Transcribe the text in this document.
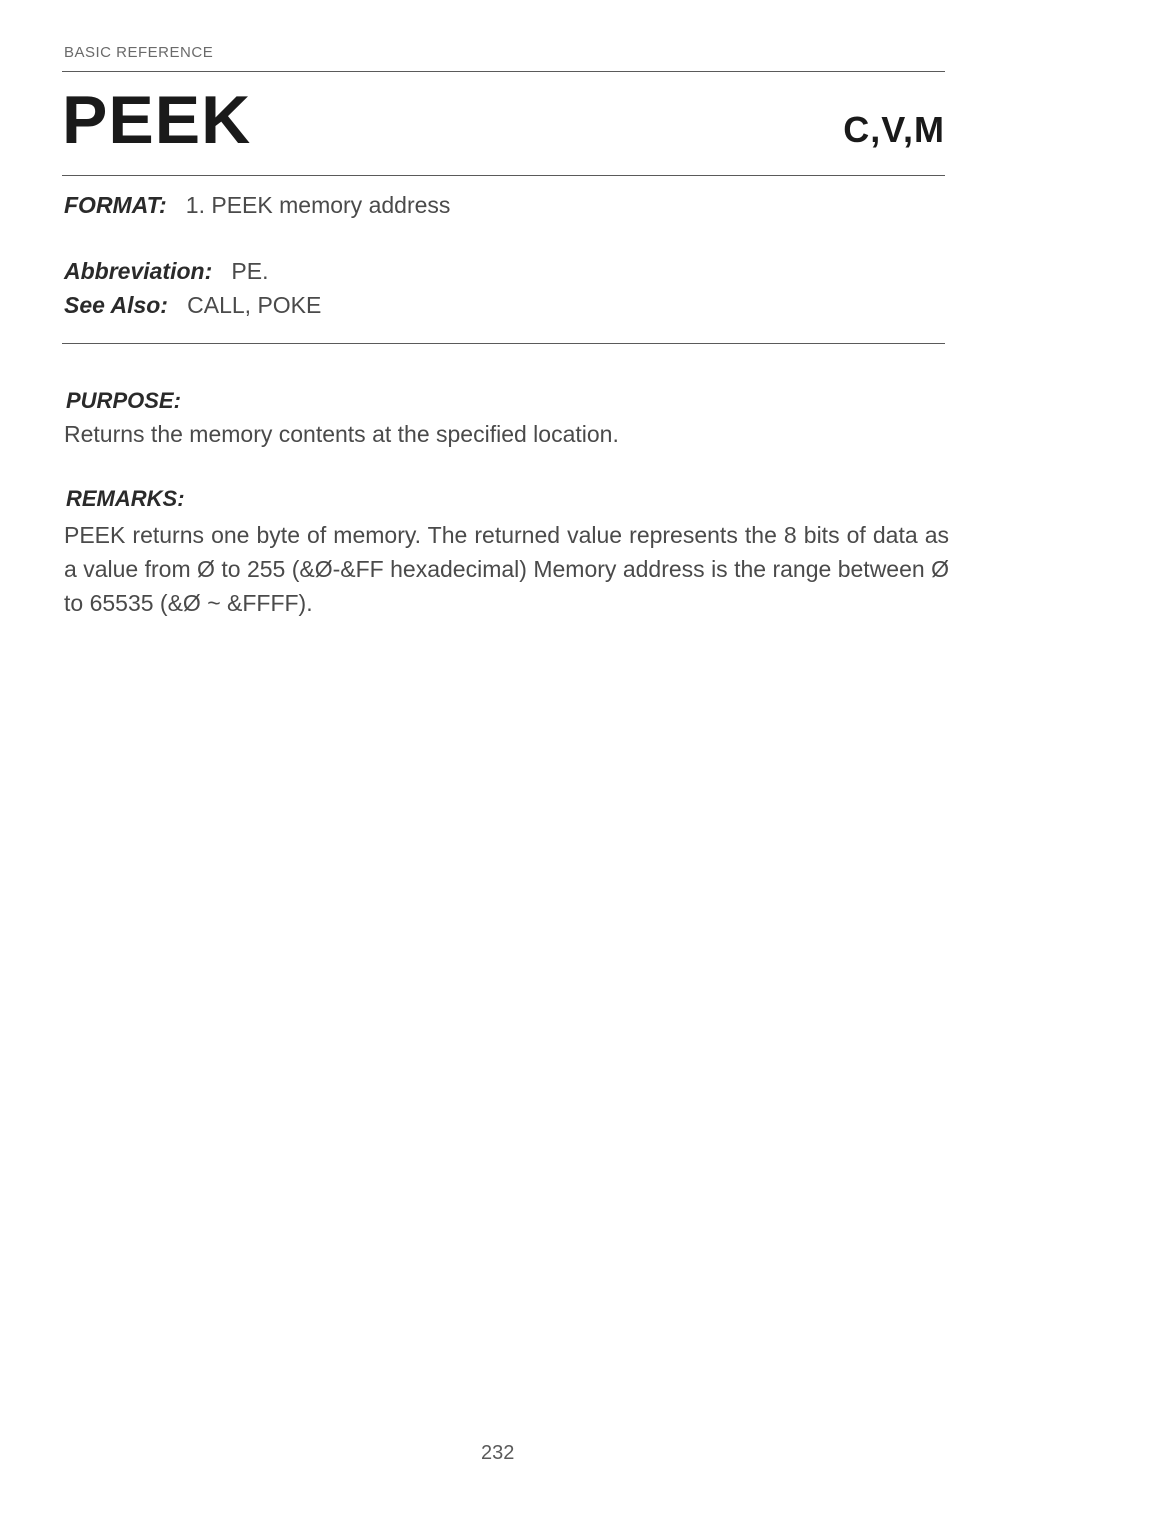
BASIC REFERENCE
PEEK	C,V,M
FORMAT: 1. PEEK memory address
Abbreviation: PE.
See Also: CALL, POKE
PURPOSE:
Returns the memory contents at the specified location.
REMARKS:
PEEK returns one byte of memory. The returned value represents the 8 bits of data as a value from Ø to 255 (&Ø-&FF hexadecimal) Memory address is the range between Ø to 65535 (&Ø ~ &FFFF).
232
